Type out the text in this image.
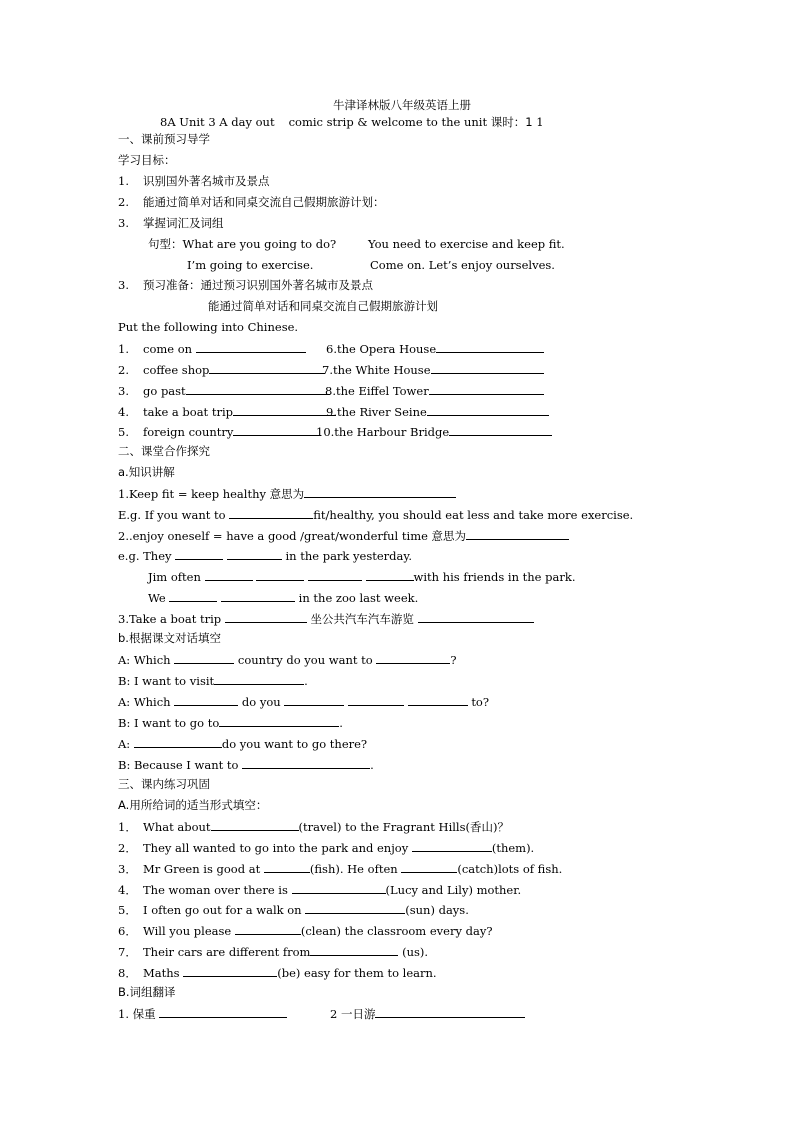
牛津译林版八年级英语上册
8A Unit 3 A day out comic strip & welcome to the unit 课时：1 1
一、课前预习导学
学习目标：
1. 识别国外著名城市及景点
2. 能通过简单对话和同桌交流自己假期旅游计划：
3. 掌握词汇及词组
句型：What are you going to do?	You need to exercise and keep fit.
I’m going to exercise.	Come on. Let’s enjoy ourselves.
3. 预习准备：通过预习识别国外著名城市及景点
能通过简单对话和同桌交流自己假期旅游计划
Put the following into Chinese.
1. come on	6.the Opera House
2. coffee shop	7.the White House
3. go past	8.the Eiffel Tower
4. take a boat trip	9.the River Seine
5. foreign country	10.the Harbour Bridge
二、课堂合作探究
a.知识讲解
1.Keep fit = keep healthy 意思为
E.g. If you want to	fit/healthy, you should eat less and take more exercise.
2..enjoy oneself = have a good /great/wonderful time 意思为
e.g. They	in the park yesterday.
Jim often	with his friends in the park.
We	in the zoo last week.
3.Take a boat trip	坐公共汽车汽车游览
b.根据课文对话填空
A: Which	country do you want to	?
B: I want to visit	.
A: Which	do you	to?
B: I want to go to	.
A:	do you want to go there?
B: Because I want to	.
三、课内练习巩固
A.用所给词的适当形式填空：
1． What about	(travel) to the Fragrant Hills(香山)？
2． They all wanted to go into the park and enjoy	(them).
3． Mr Green is good at	(fish). He often	(catch)lots of fish.
4． The woman over there is	(Lucy and Lily) mother.
5． I often go out for a walk on	(sun) days.
6． Will you please	(clean) the classroom every day?
7． Their cars are different from	(us).
8． Maths	(be) easy for them to learn.
B.词组翻译
1. 保重	2 一日游
